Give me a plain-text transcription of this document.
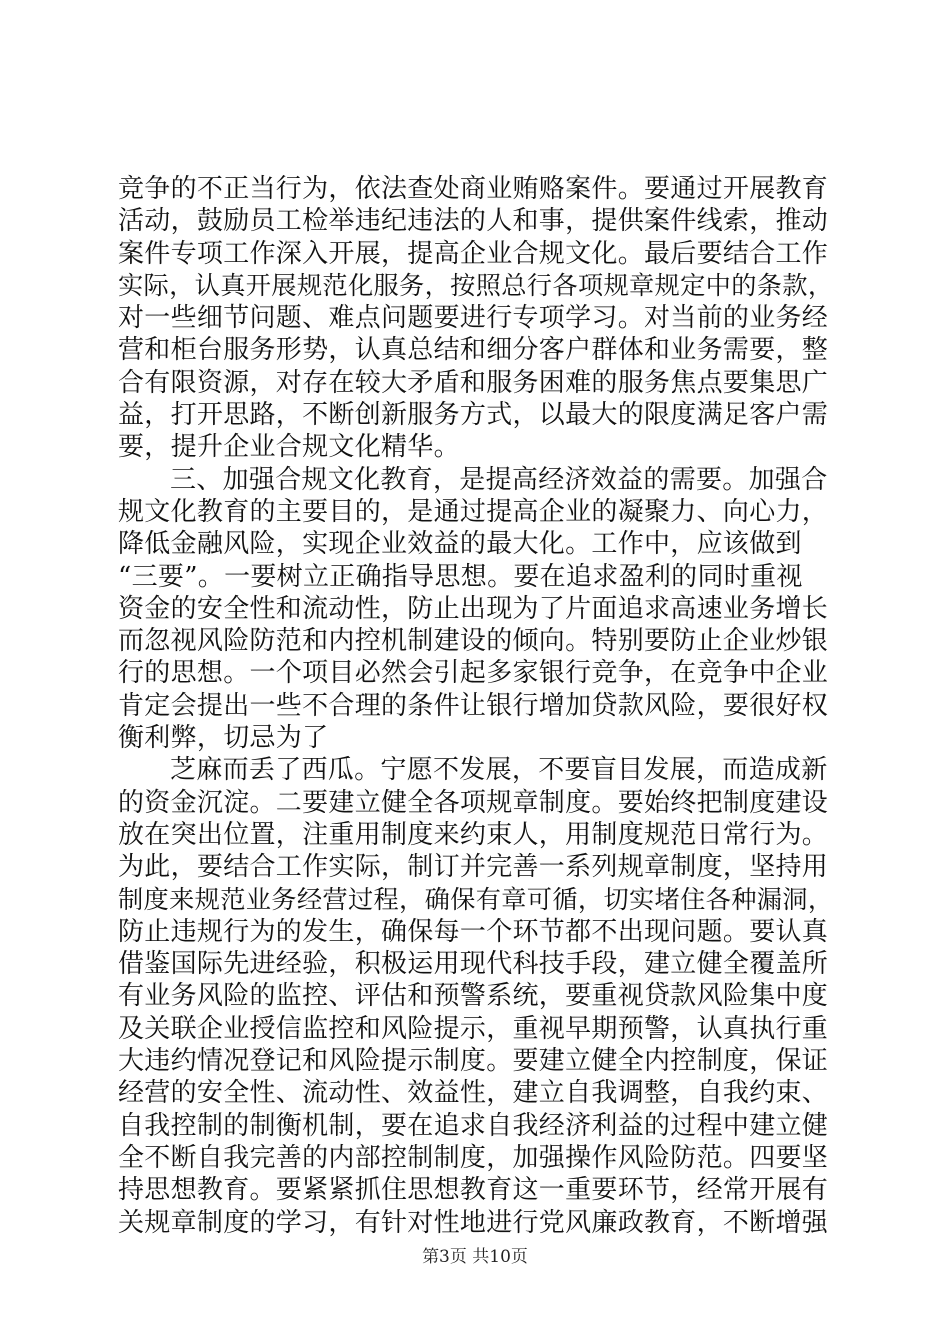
竞争的不正当行为，依法查处商业贿赂案件。要通过开展教育
活动，鼓励员工检举违纪违法的人和事，提供案件线索，推动
案件专项工作深入开展，提高企业合规文化。最后要结合工作
实际，认真开展规范化服务，按照总行各项规章规定中的条款，
对一些细节问题、难点问题要进行专项学习。对当前的业务经
营和柜台服务形势，认真总结和细分客户群体和业务需要，整
合有限资源，对存在较大矛盾和服务困难的服务焦点要集思广
益，打开思路，不断创新服务方式，以最大的限度满足客户需
要，提升企业合规文化精华。
三、加强合规文化教育，是提高经济效益的需要。加强合
规文化教育的主要目的，是通过提高企业的凝聚力、向心力，
降低金融风险，实现企业效益的最大化。工作中，应该做到
“三要”。一要树立正确指导思想。要在追求盈利的同时重视
资金的安全性和流动性，防止出现为了片面追求高速业务增长
而忽视风险防范和内控机制建设的倾向。特别要防止企业炒银
行的思想。一个项目必然会引起多家银行竞争，在竞争中企业
肯定会提出一些不合理的条件让银行增加贷款风险，要很好权
衡利弊，切忌为了
芝麻而丢了西瓜。宁愿不发展，不要盲目发展，而造成新
的资金沉淀。二要建立健全各项规章制度。要始终把制度建设
放在突出位置，注重用制度来约束人，用制度规范日常行为。
为此，要结合工作实际，制订并完善一系列规章制度，坚持用
制度来规范业务经营过程，确保有章可循，切实堵住各种漏洞，
防止违规行为的发生，确保每一个环节都不出现问题。要认真
借鉴国际先进经验，积极运用现代科技手段，建立健全覆盖所
有业务风险的监控、评估和预警系统，要重视贷款风险集中度
及关联企业授信监控和风险提示，重视早期预警，认真执行重
大违约情况登记和风险提示制度。要建立健全内控制度，保证
经营的安全性、流动性、效益性，建立自我调整，自我约束、
自我控制的制衡机制，要在追求自我经济利益的过程中建立健
全不断自我完善的内部控制制度，加强操作风险防范。四要坚
持思想教育。要紧紧抓住思想教育这一重要环节，经常开展有
关规章制度的学习，有针对性地进行党风廉政教育，不断增强
第3页 共10页
